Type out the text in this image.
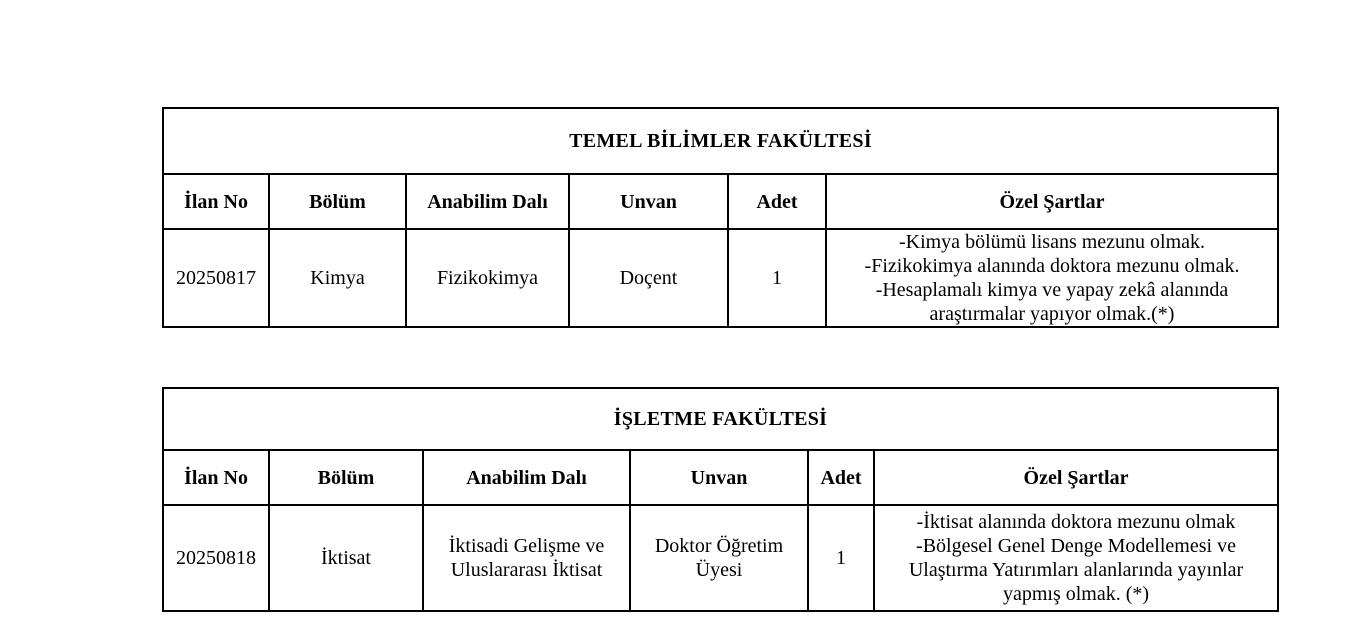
TEMEL BİLİMLER FAKÜLTESİ					
İlan No	Bölüm	Anabilim Dalı	Unvan	Adet	Özel Şartlar
20250817	Kimya	Fizikokimya	Doçent	1	-Kimya bölümü lisans mezunu olmak.
-Fizikokimya alanında doktora mezunu olmak.
-Hesaplamalı kimya ve yapay zekâ alanında araştırmalar yapıyor olmak.(*)
İŞLETME FAKÜLTESİ					
İlan No	Bölüm	Anabilim Dalı	Unvan	Adet	Özel Şartlar
20250818	İktisat	İktisadi Gelişme ve Uluslararası İktisat	Doktor Öğretim Üyesi	1	-İktisat alanında doktora mezunu olmak
-Bölgesel Genel Denge Modellemesi ve Ulaştırma Yatırımları alanlarında yayınlar yapmış olmak. (*)
